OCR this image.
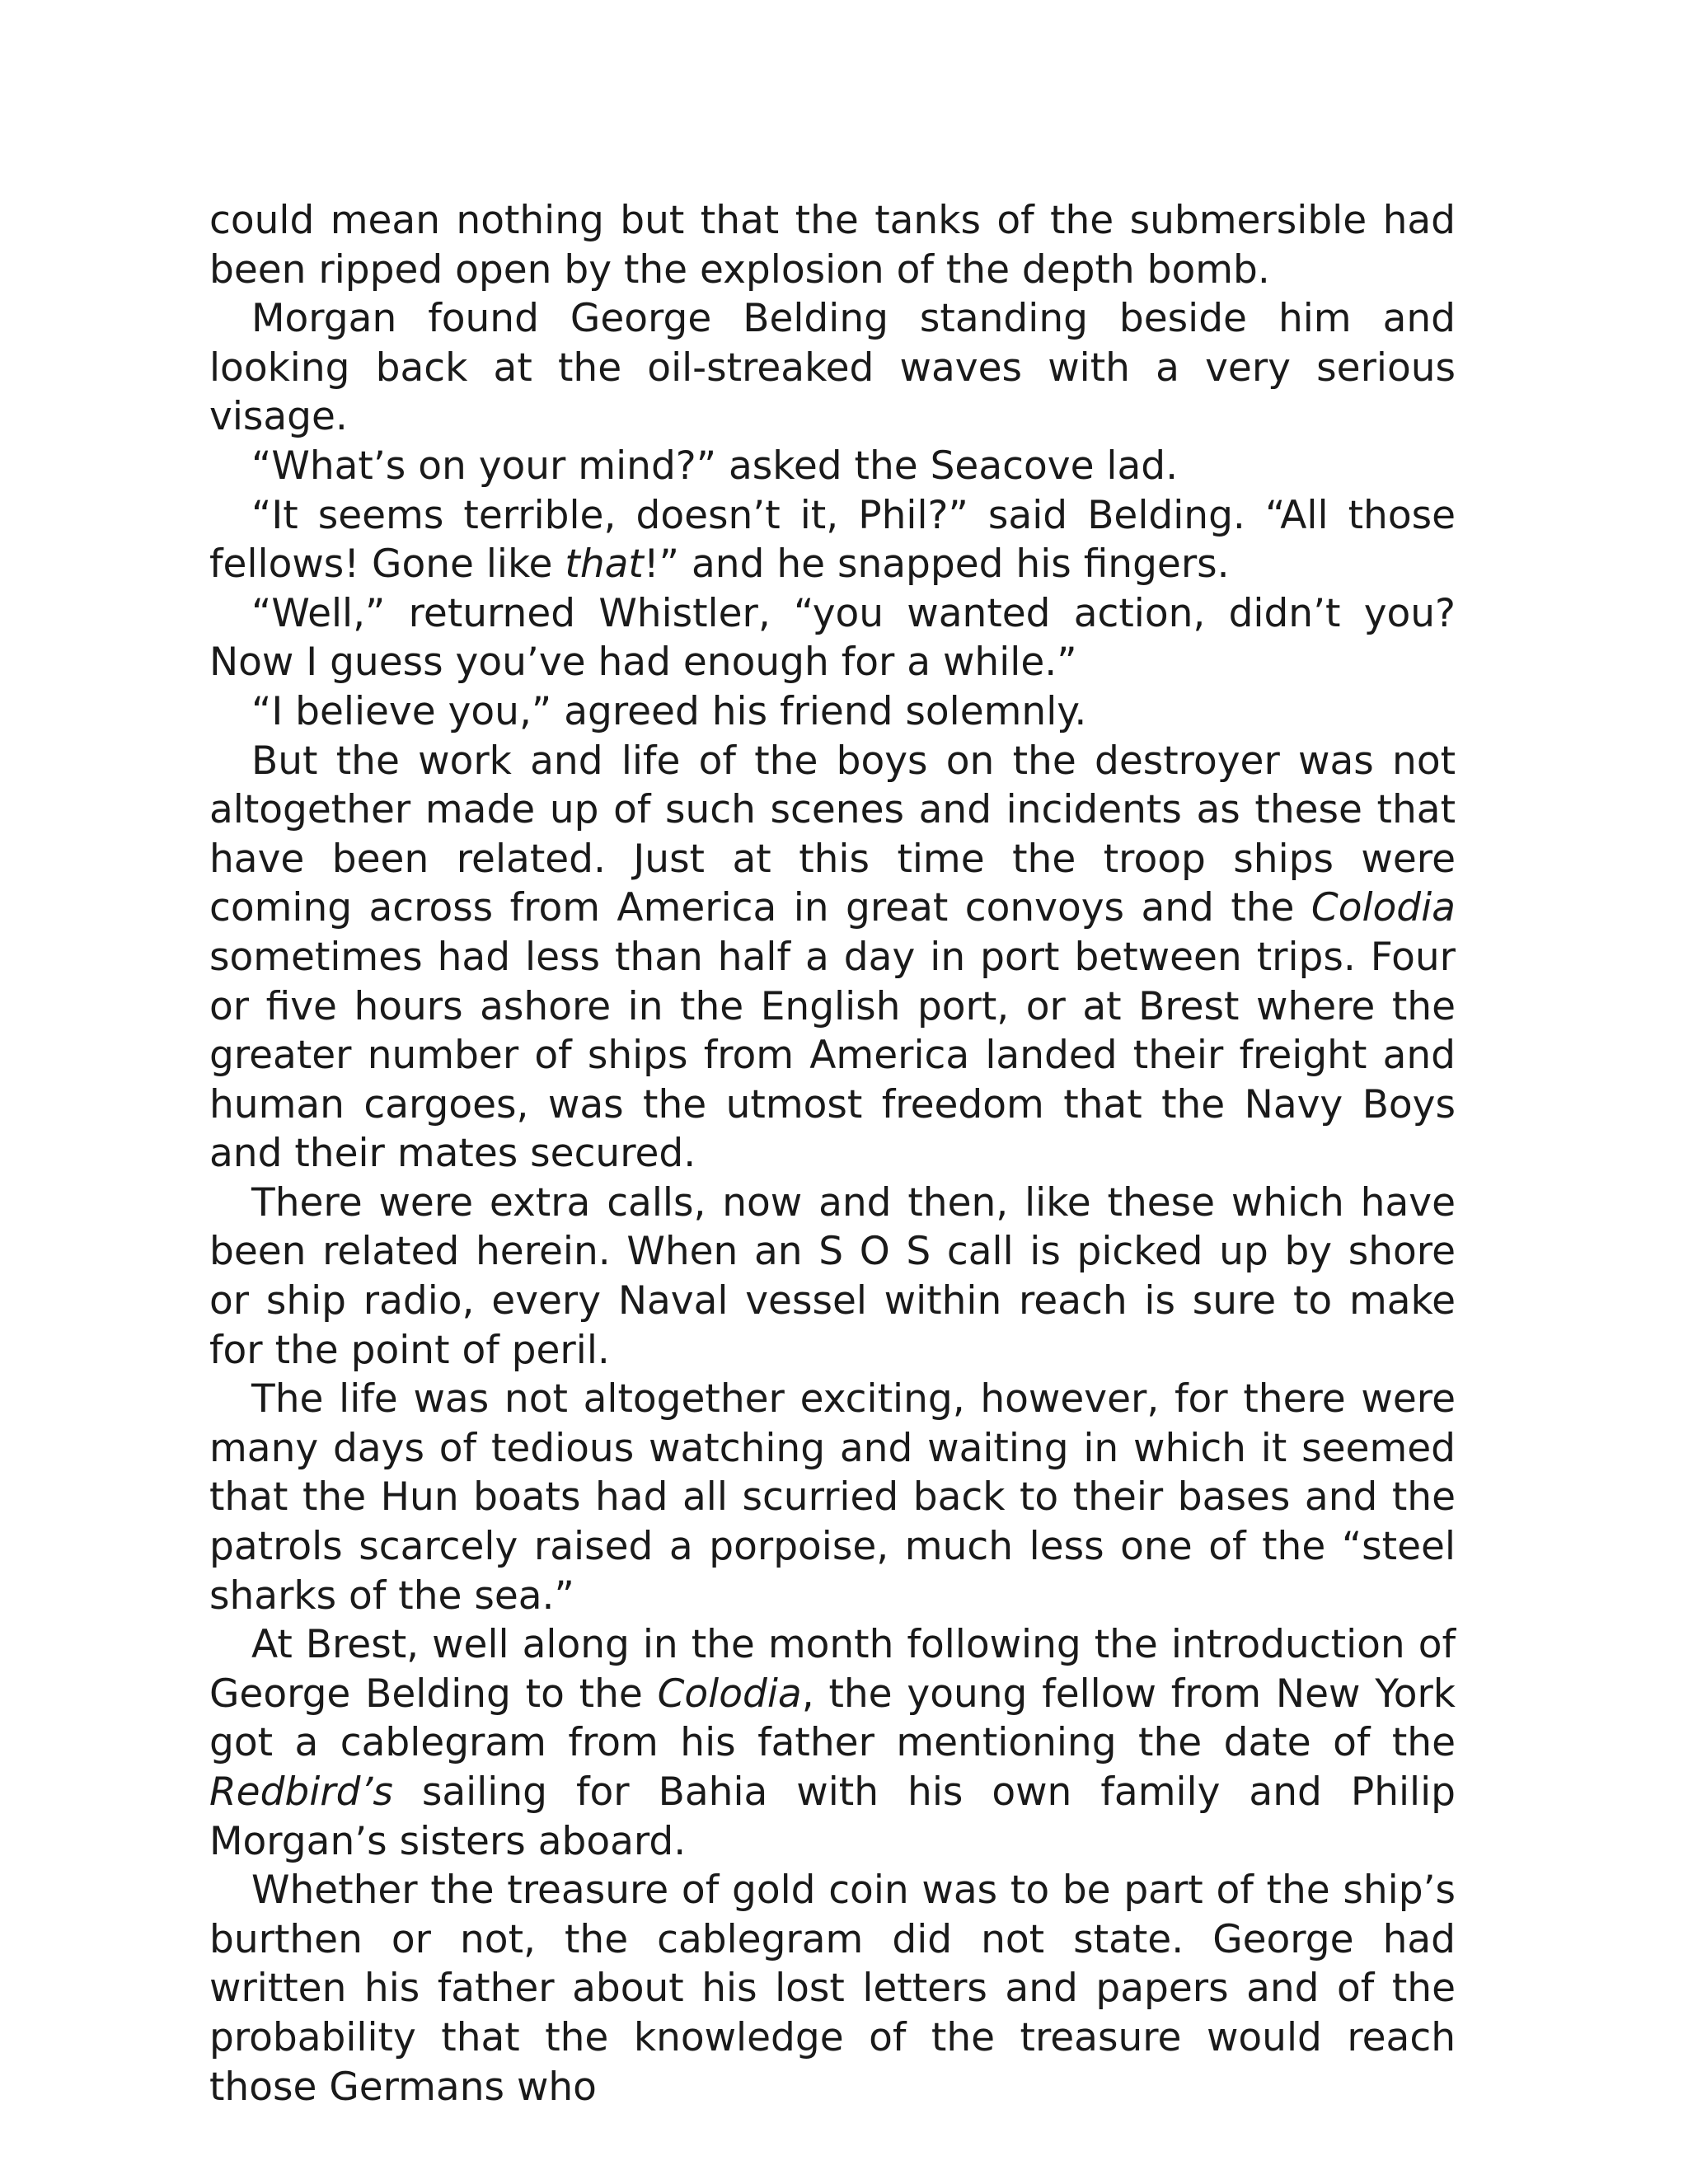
could mean nothing but that the tanks of the submersible had been ripped open by the explosion of the depth bomb.

Morgan found George Belding standing beside him and looking back at the oil-streaked waves with a very serious visage.

“What’s on your mind?” asked the Seacove lad.

“It seems terrible, doesn’t it, Phil?” said Belding. “All those fellows! Gone like that!” and he snapped his fingers.

“Well,” returned Whistler, “you wanted action, didn’t you? Now I guess you’ve had enough for a while.”

“I believe you,” agreed his friend solemnly.

But the work and life of the boys on the destroyer was not altogether made up of such scenes and incidents as these that have been related. Just at this time the troop ships were coming across from America in great convoys and the Colodia sometimes had less than half a day in port between trips. Four or five hours ashore in the English port, or at Brest where the greater number of ships from America landed their freight and human cargoes, was the utmost freedom that the Navy Boys and their mates secured.

There were extra calls, now and then, like these which have been related herein. When an S O S call is picked up by shore or ship radio, every Naval vessel within reach is sure to make for the point of peril.

The life was not altogether exciting, however, for there were many days of tedious watching and waiting in which it seemed that the Hun boats had all scurried back to their bases and the patrols scarcely raised a porpoise, much less one of the “steel sharks of the sea.”

At Brest, well along in the month following the introduction of George Belding to the Colodia, the young fellow from New York got a cablegram from his father mentioning the date of the Redbird’s sailing for Bahia with his own family and Philip Morgan’s sisters aboard.

Whether the treasure of gold coin was to be part of the ship’s burthen or not, the cablegram did not state. George had written his father about his lost letters and papers and of the probability that the knowledge of the treasure would reach those Germans who
